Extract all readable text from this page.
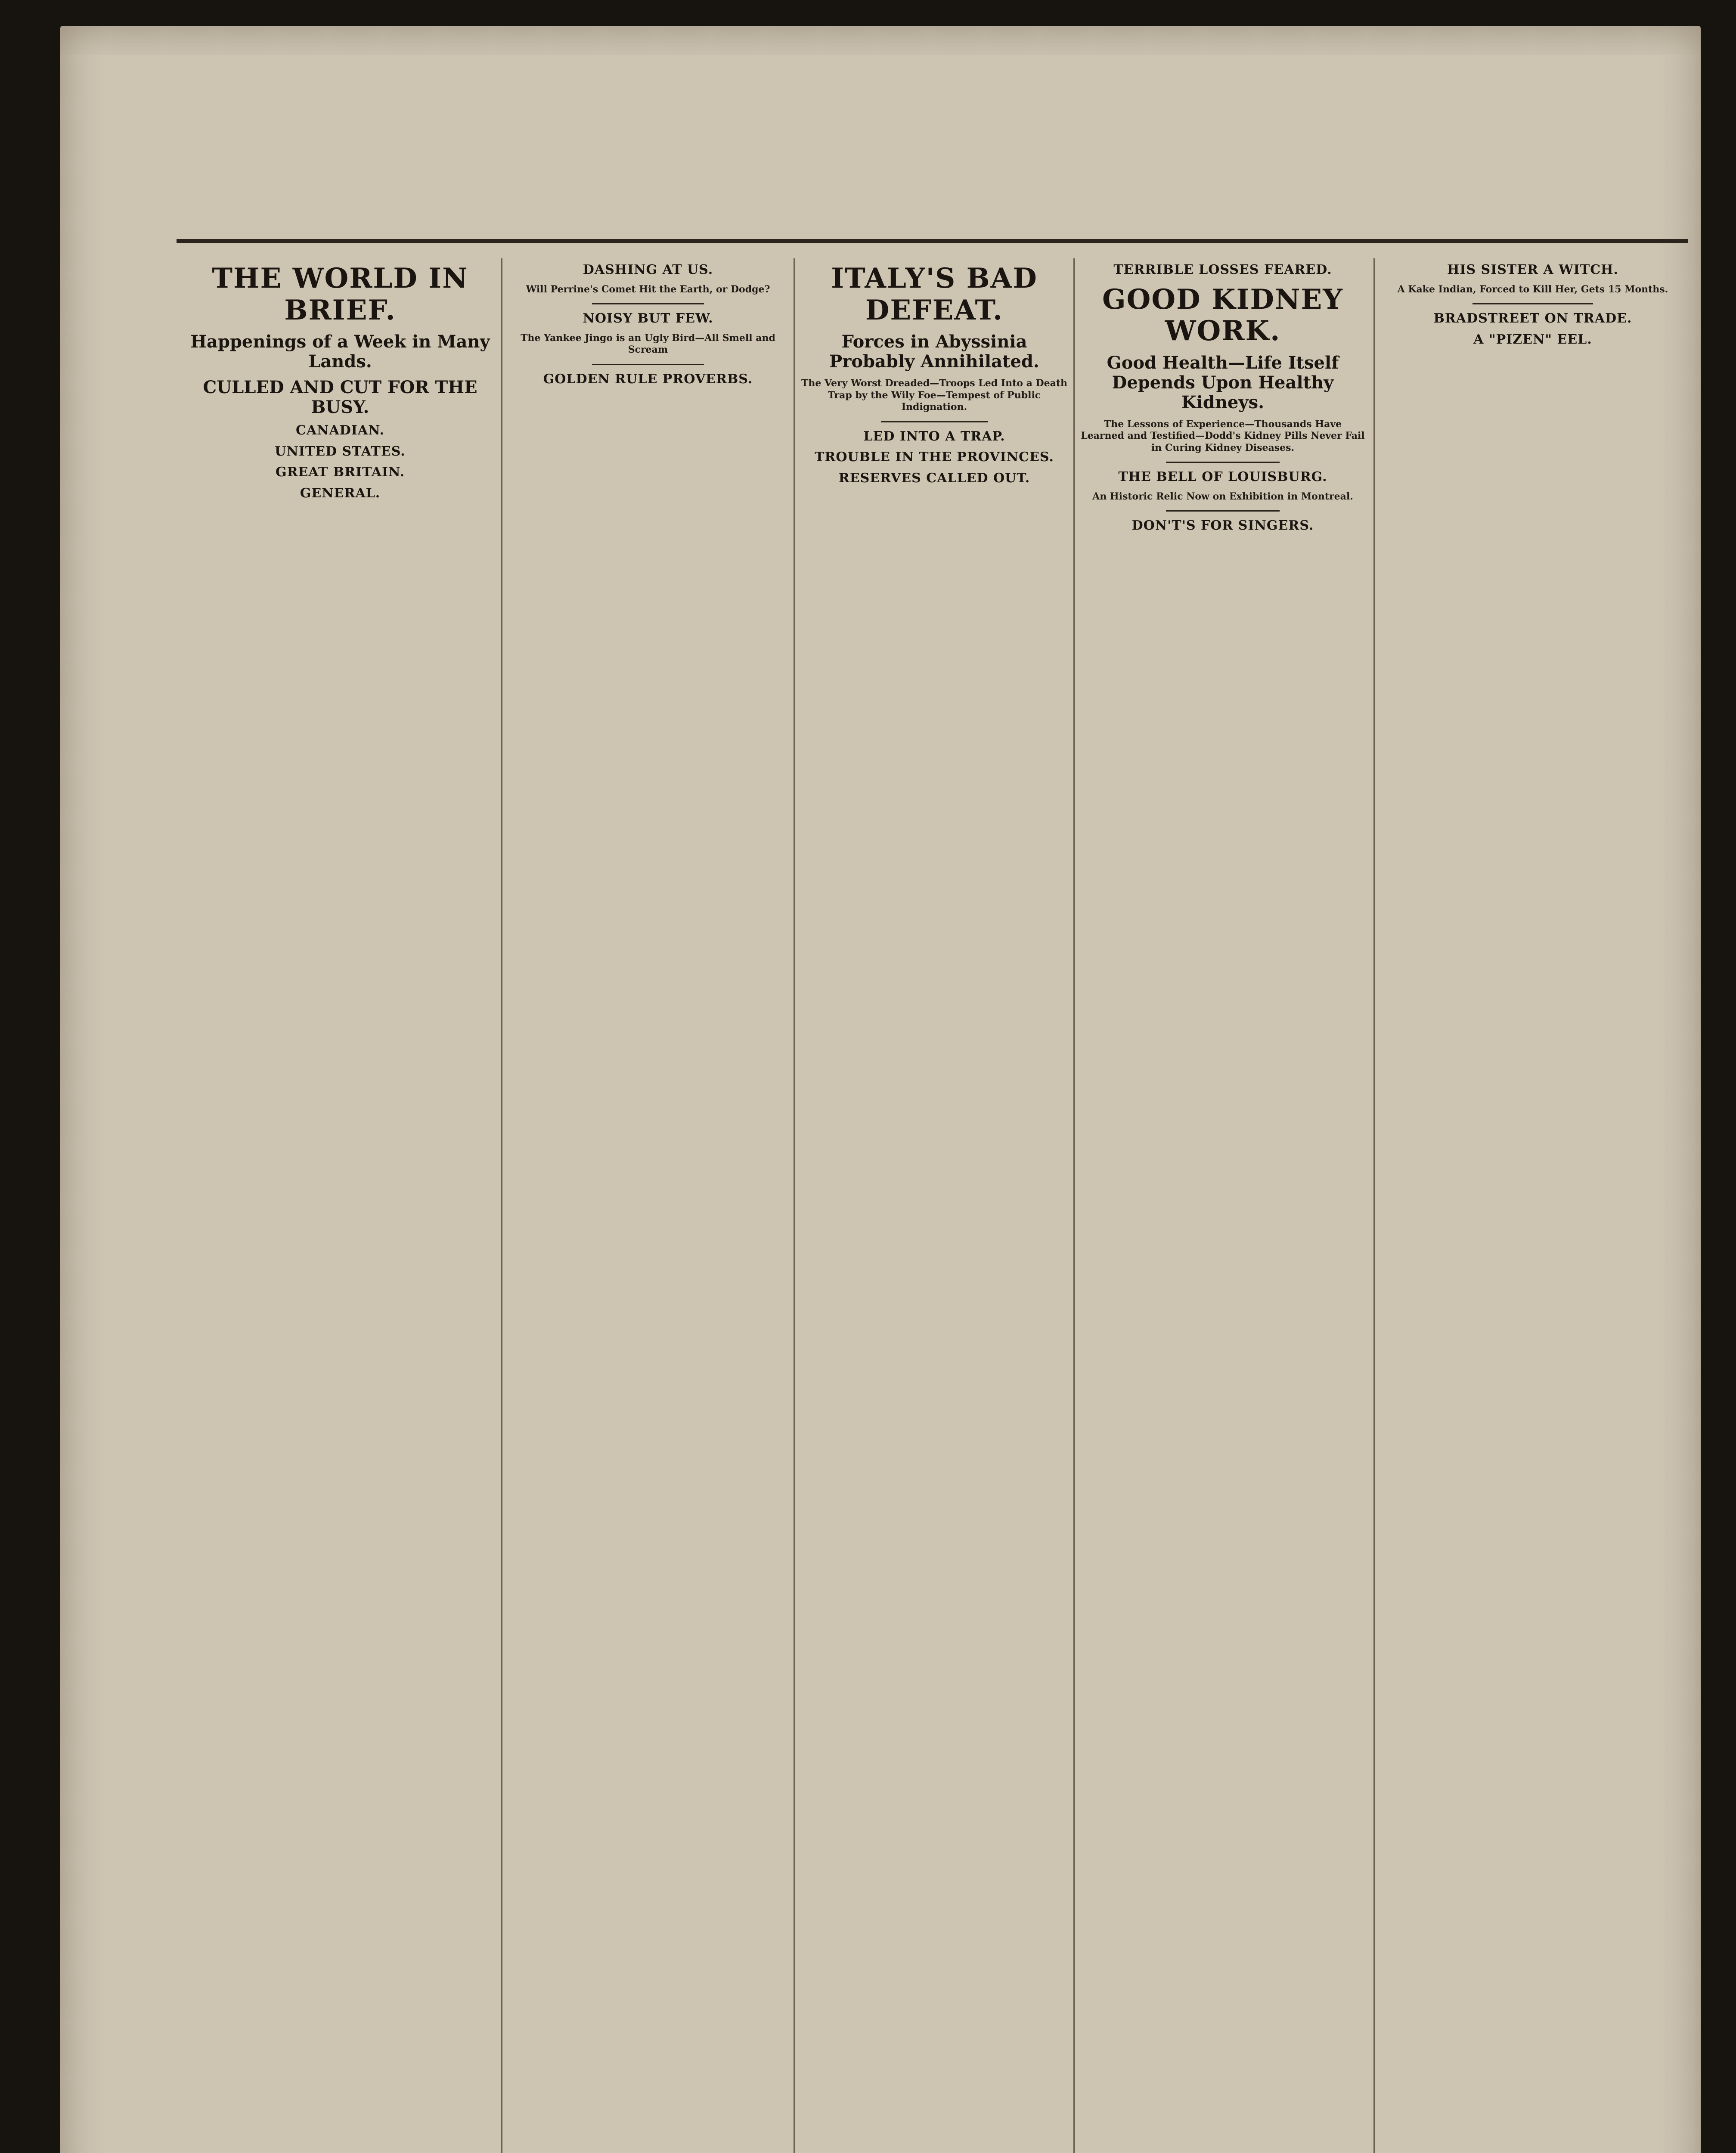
THE WORLD IN BRIEF.
Happenings of a Week in Many Lands.
CULLED AND CUT FOR THE BUSY.
CANADIAN.
UNITED STATES.
GREAT BRITAIN.
GENERAL.
DASHING AT US.
Will Perrine's Comet Hit the Earth, or Dodge?
NOISY BUT FEW.
The Yankee Jingo is an Ugly Bird—All Smell and Scream
GOLDEN RULE PROVERBS.
ITALY'S BAD DEFEAT.
Forces in Abyssinia Probably Annihilated.
The Very Worst Dreaded—Troops Led Into a Death Trap by the Wily Foe—Tempest of Public Indignation.
LED INTO A TRAP.
TROUBLE IN THE PROVINCES.
RESERVES CALLED OUT.
TERRIBLE LOSSES FEARED.
GOOD KIDNEY WORK.
Good Health—Life Itself Depends Upon Healthy Kidneys.
The Lessons of Experience—Thousands Have Learned and Testified—Dodd's Kidney Pills Never Fail in Curing Kidney Diseases.
THE BELL OF LOUISBURG.
An Historic Relic Now on Exhibition in Montreal.
DON'T'S FOR SINGERS.
HIS SISTER A WITCH.
A Kake Indian, Forced to Kill Her, Gets 15 Months.
BRADSTREET ON TRADE.
A "PIZEN" EEL.
